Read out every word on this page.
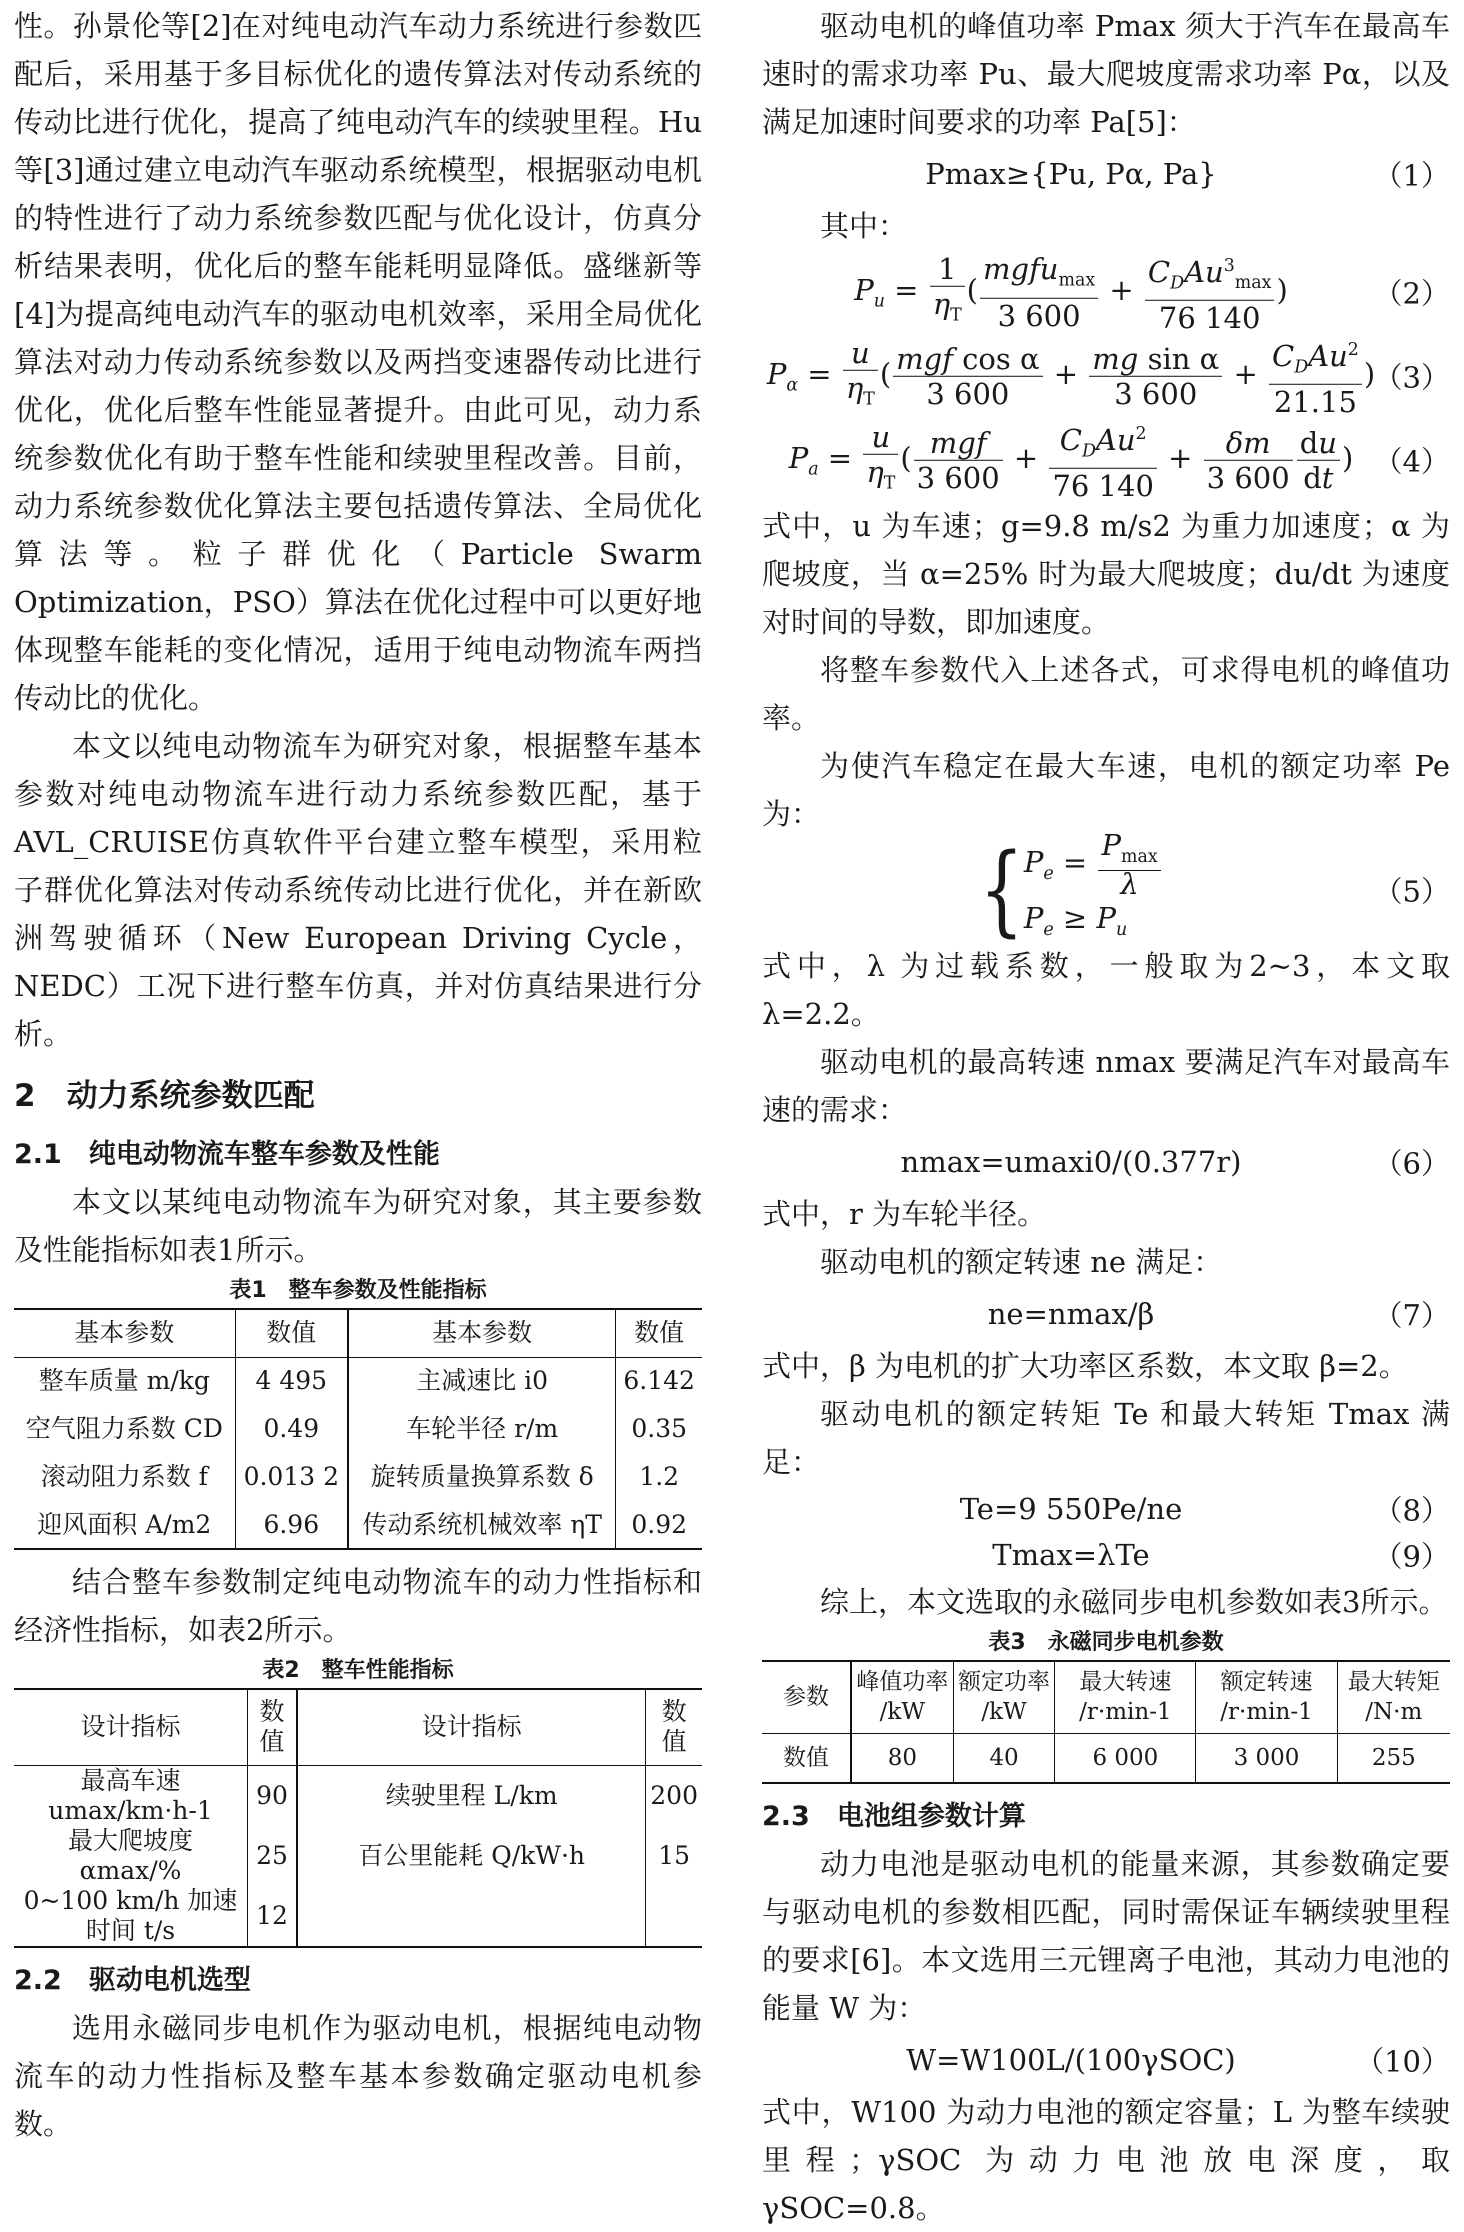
性。孙景伦等[2]在对纯电动汽车动力系统进行参数匹配后，采用基于多目标优化的遗传算法对传动系统的传动比进行优化，提高了纯电动汽车的续驶里程。Hu 等[3]通过建立电动汽车驱动系统模型，根据驱动电机的特性进行了动力系统参数匹配与优化设计，仿真分析结果表明，优化后的整车能耗明显降低。盛继新等[4]为提高纯电动汽车的驱动电机效率，采用全局优化算法对动力传动系统参数以及两挡变速器传动比进行优化，优化后整车性能显著提升。由此可见，动力系统参数优化有助于整车性能和续驶里程改善。目前，动力系统参数优化算法主要包括遗传算法、全局优化算法等。粒子群优化（Particle Swarm Optimization，PSO）算法在优化过程中可以更好地体现整车能耗的变化情况，适用于纯电动物流车两挡传动比的优化。

本文以纯电动物流车为研究对象，根据整车基本参数对纯电动物流车进行动力系统参数匹配，基于AVL_CRUISE仿真软件平台建立整车模型，采用粒子群优化算法对传动系统传动比进行优化，并在新欧洲驾驶循环（New European Driving Cycle，NEDC）工况下进行整车仿真，并对仿真结果进行分析。

2　动力系统参数匹配
2.1　纯电动物流车整车参数及性能

本文以某纯电动物流车为研究对象，其主要参数及性能指标如表1所示。

表1　整车参数及性能指标
基本参数	数值	基本参数	数值
整车质量 m/kg	4 495	主减速比 i0	6.142
空气阻力系数 CD	0.49	车轮半径 r/m	0.35
滚动阻力系数 f	0.013 2	旋转质量换算系数 δ	1.2
迎风面积 A/m2	6.96	传动系统机械效率 ηT	0.92

结合整车参数制定纯电动物流车的动力性指标和经济性指标，如表2所示。

表2　整车性能指标
设计指标	数值	设计指标	数值
最高车速 umax/km·h-1	90	续驶里程 L/km	200
最大爬坡度 αmax/%	25	百公里能耗 Q/kW·h	15
0~100 km/h 加速时间 t/s	12		
2.2　驱动电机选型

选用永磁同步电机作为驱动电机，根据纯电动物流车的动力性指标及整车基本参数确定驱动电机参数。

驱动电机的峰值功率 Pmax 须大于汽车在最高车速时的需求功率 Pu、最大爬坡度需求功率 Pα，以及满足加速时间要求的功率 Pa[5]：

Pmax≥{Pu, Pα, Pa}	（1）

其中：

$P_u = \frac{1}{\eta_T}$ ( $\frac{mgfu_{max}}{3 600} + \frac{C_DAu^3_{max}}{76 140}$ )	（2）
$P_\alpha = \frac{u}{\eta_T}$ ( $\frac{\text{mgf cos α}}{3 600} + \frac{\text{mg sin α}}{3 600} + \frac{C_DAu^2}{21.15}$ )
（3）
$P_a = \frac{u}{\eta_T}$ ( $\frac{\text{mgf}}{3 600} + \frac{C_DAu^2}{76 140} + \frac{\delta m}{3 600} \frac{du}{dt}$ ) （4）

式中，u 为车速；g=9.8 m/s2 为重力加速度；α 为爬坡度，当 α=25% 时为最大爬坡度；du/dt 为速度对时间的导数，即加速度。

将整车参数代入上述各式，可求得电机的峰值功率。

为使汽车稳定在最大车速，电机的额定功率 Pe 为：

{ $P_e = \frac{P_{max}}{\lambda}$
$P_e \ge P_u$
（5）

式中，λ 为过载系数，一般取为2~3，本文取 λ=2.2。

驱动电机的最高转速 nmax 要满足汽车对最高车速的需求：

nmax=umaxi0/(0.377r)	（6）

式中，r 为车轮半径。

驱动电机的额定转速 ne 满足：

ne=nmax/β	（7）

式中，β 为电机的扩大功率区系数，本文取 β=2。

驱动电机的额定转矩 Te 和最大转矩 Tmax 满足：

Te=9 550Pe/ne	（8）
Tmax=λTe	（9）

综上，本文选取的永磁同步电机参数如表3所示。

表3　永磁同步电机参数
参数	峰值功率 /kW	额定功率 /kW	最大转速 /r·min-1	额定转速 /r·min-1	最大转矩 /N·m
数值	80	40	6 000	3 000	255
2.3　电池组参数计算

动力电池是驱动电机的能量来源，其参数确定要与驱动电机的参数相匹配，同时需保证车辆续驶里程的要求[6]。本文选用三元锂离子电池，其动力电池的能量 W 为：

W=W100L/(100γSOC)	（10）

式中，W100 为动力电池的额定容量；L 为整车续驶里程；γSOC 为动力电池放电深度，取 γSOC=0.8。
